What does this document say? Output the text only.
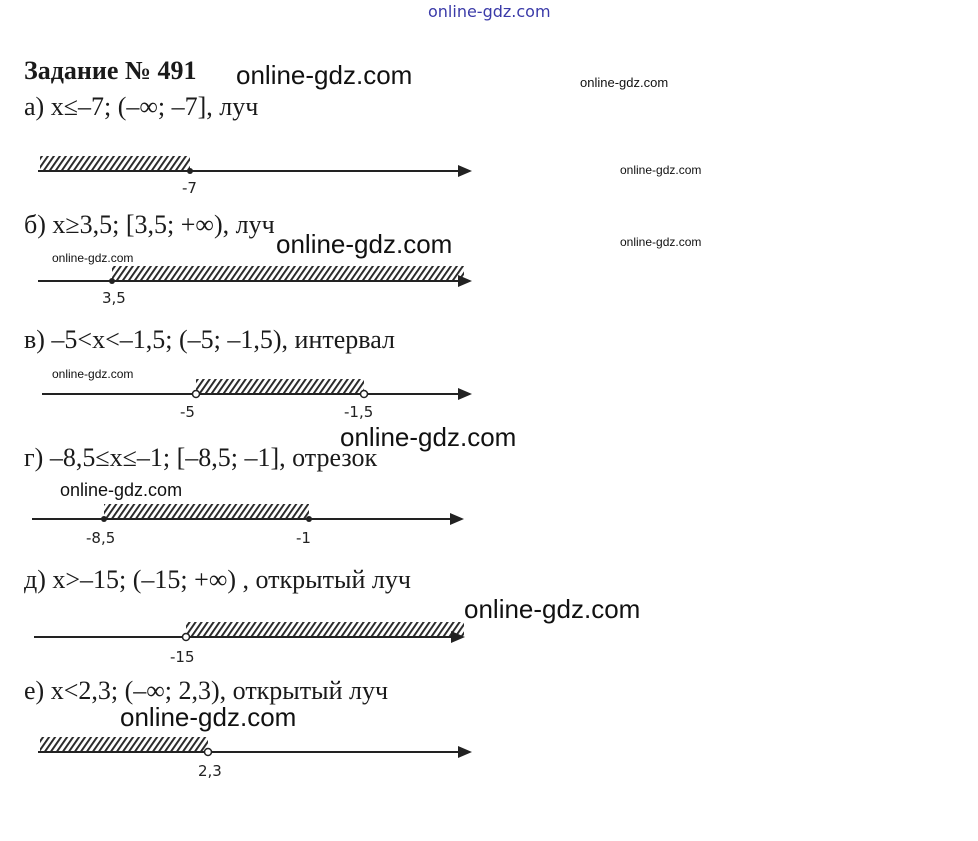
online-gdz.com
Задание № 491
а) x≤–7; (–∞; –7], луч
б) x≥3,5; [3,5; +∞), луч
в) –5<x<–1,5; (–5; –1,5), интервал
г) –8,5≤x≤–1; [–8,5; –1], отрезок
д) x>–15; (–15; +∞) , открытый луч
е) x<2,3; (–∞; 2,3), открытый луч
-7
3,5
-5	-1,5
-8,5	-1
-15
2,3
online-gdz.com	online-gdz.com
online-gdz.com
online-gdz.com	online-gdz.com
online-gdz.com
online-gdz.com
online-gdz.com
online-gdz.com
online-gdz.com
online-gdz.com
